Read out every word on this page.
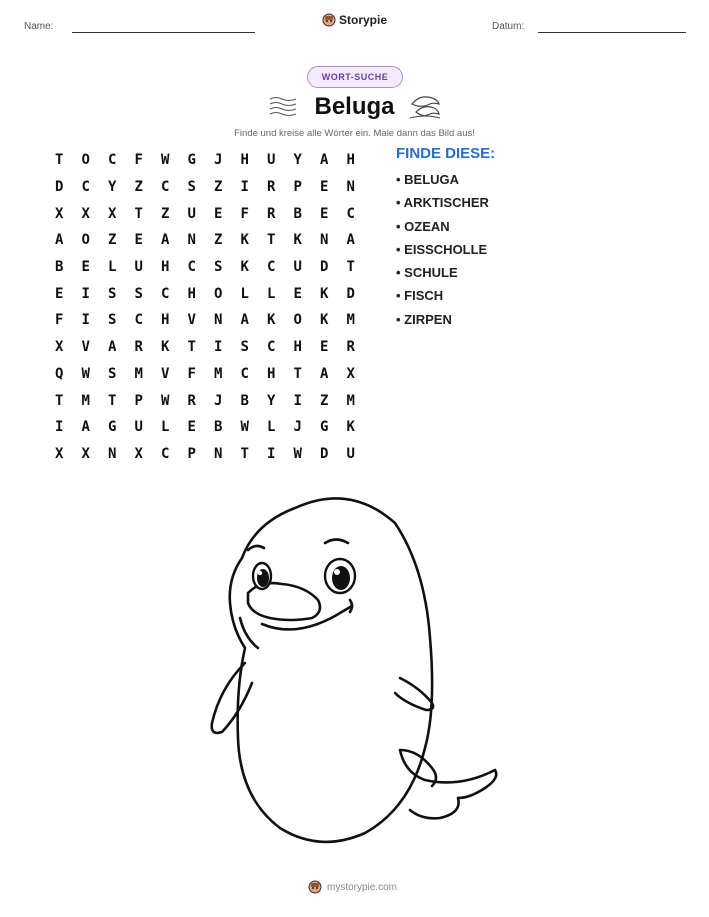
Name:	Storypie	Datum:
WORT-SUCHE
Beluga
Finde und kreise alle Wörter ein. Male dann das Bild aus!
T	O	C	F	W	G	J	H	U	Y	A	H
D	C	Y	Z	C	S	Z	I	R	P	E	N
X	X	X	T	Z	U	E	F	R	B	E	C
A	O	Z	E	A	N	Z	K	T	K	N	A
B	E	L	U	H	C	S	K	C	U	D	T
E	I	S	S	C	H	O	L	L	E	K	D
F	I	S	C	H	V	N	A	K	O	K	M
X	V	A	R	K	T	I	S	C	H	E	R
Q	W	S	M	V	F	M	C	H	T	A	X
T	M	T	P	W	R	J	B	Y	I	Z	M
I	A	G	U	L	E	B	W	L	J	G	K
X	X	N	X	C	P	N	T	I	W	D	U
FINDE DIESE:
• BELUGA
• ARKTISCHER
• OZEAN
• EISSCHOLLE
• SCHULE
• FISCH
• ZIRPEN
mystorypie.com
